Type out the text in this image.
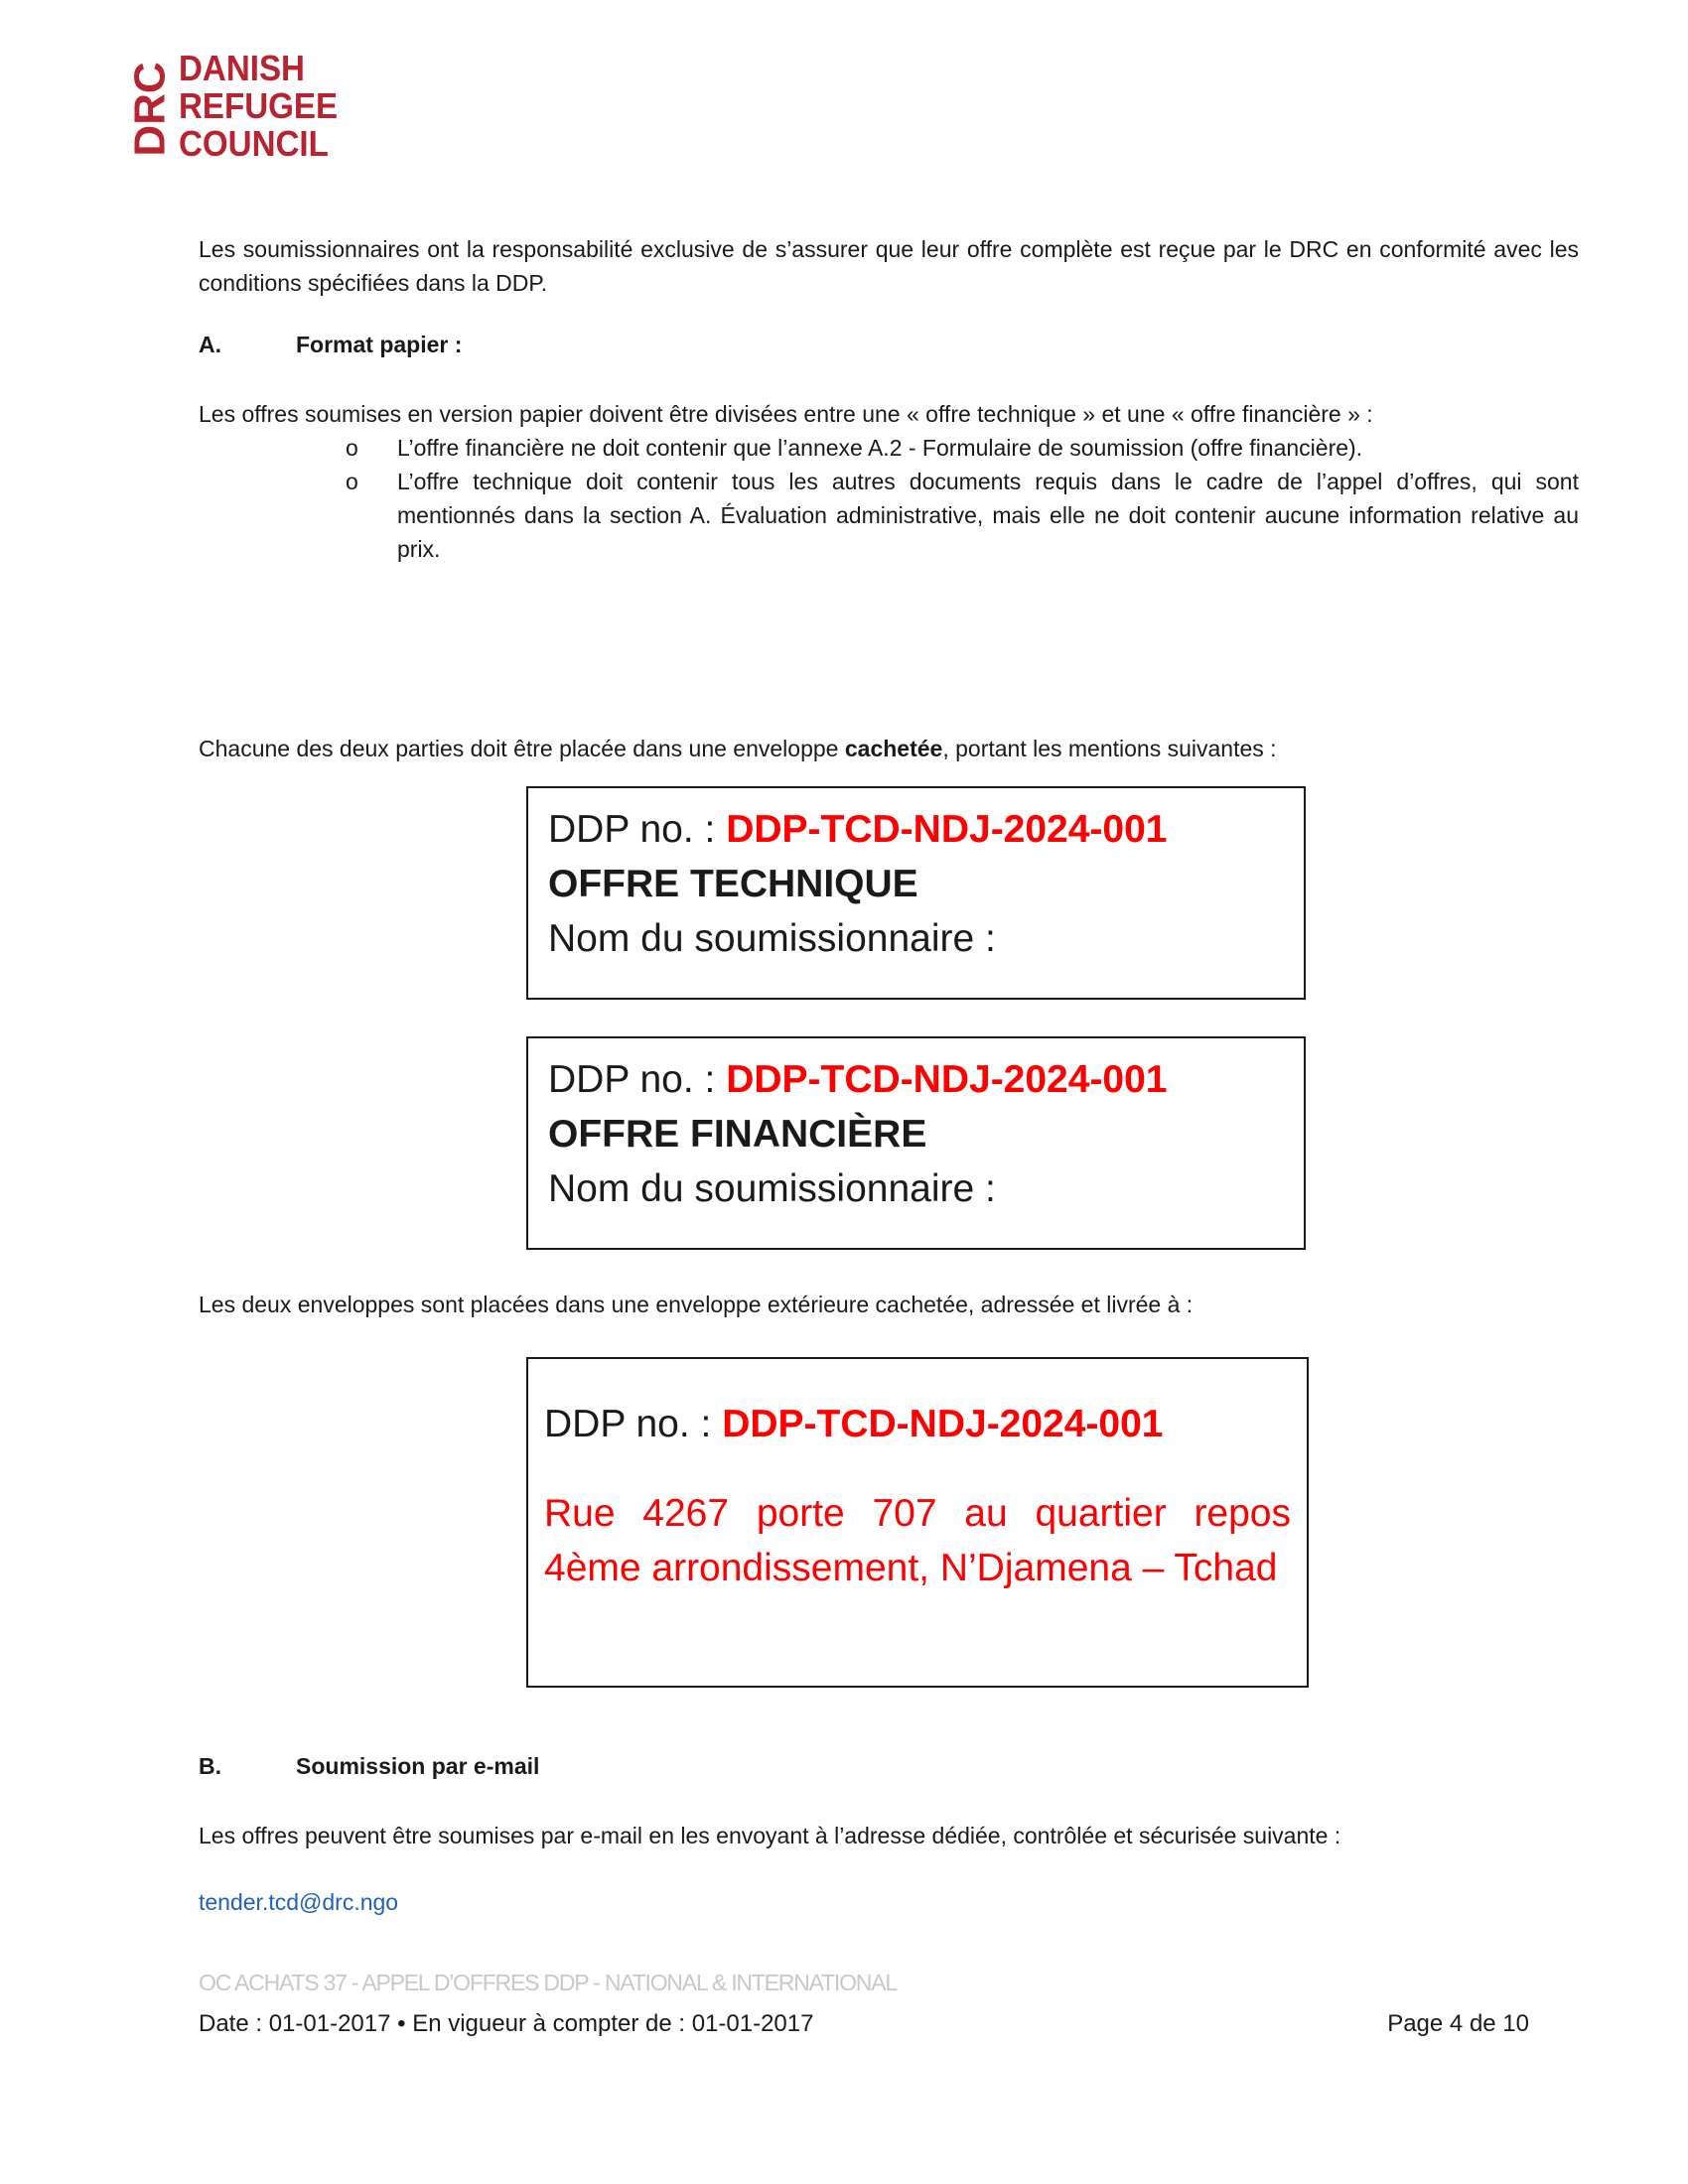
DRC DANISH
REFUGEE
COUNCIL
Les soumissionnaires ont la responsabilité exclusive de s’assurer que leur offre complète est reçue par le DRC en conformité avec les conditions spécifiées dans la DDP.
A.	Format papier :
Les offres soumises en version papier doivent être divisées entre une « offre technique » et une « offre financière » :
o L’offre financière ne doit contenir que l’annexe A.2 - Formulaire de soumission (offre financière).
o L’offre technique doit contenir tous les autres documents requis dans le cadre de l’appel d’offres, qui sont mentionnés dans la section A. Évaluation administrative, mais elle ne doit contenir aucune information relative au prix.
Chacune des deux parties doit être placée dans une enveloppe cachetée, portant les mentions suivantes :
DDP no. : DDP-TCD-NDJ-2024-001
OFFRE TECHNIQUE
Nom du soumissionnaire :
DDP no. : DDP-TCD-NDJ-2024-001
OFFRE FINANCIÈRE
Nom du soumissionnaire :
Les deux enveloppes sont placées dans une enveloppe extérieure cachetée, adressée et livrée à :
DDP no. : DDP-TCD-NDJ-2024-001
Rue 4267 porte 707 au quartier repos 4ème arrondissement, N’Djamena – Tchad
B.	Soumission par e-mail
Les offres peuvent être soumises par e-mail en les envoyant à l’adresse dédiée, contrôlée et sécurisée suivante :
tender.tcd@drc.ngo
OC ACHATS 37 - APPEL D’OFFRES DDP - NATIONAL & INTERNATIONAL
Date : 01-01-2017 • En vigueur à compter de : 01-01-2017	Page 4 de 10
